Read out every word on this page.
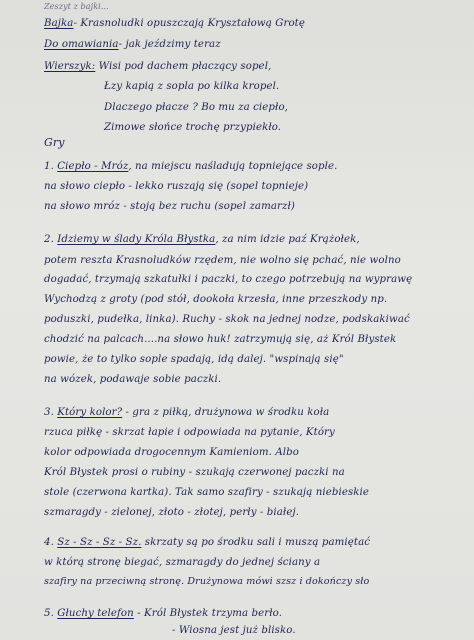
Zeszyt z bajki...
Bajka- Krasnoludki opuszczają Kryształową Grotę
Do omawiania- jak jeździmy teraz
Wierszyk: Wisi pod dachem płaczący sopel,
Łzy kapią z sopla po kilka kropel.
Dlaczego płacze ? Bo mu za ciepło,
Zimowe słońce trochę przypiekło.
Gry
1. Ciepło - Mróz, na miejscu naśladują topniejące sople.
na słowo ciepło - lekko ruszają się (sopel topnieje)
na słowo mróz - stoją bez ruchu (sopel zamarzł)
2. Idziemy w ślady Króla Błystka, za nim idzie paź Krążołek,
potem reszta Krasnoludków rzędem, nie wolno się pchać, nie wolno
dogadać, trzymają szkatułki i paczki, to czego potrzebują na wyprawę
Wychodzą z groty (pod stół, dookoła krzesła, inne przeszkody np.
poduszki, pudełka, linka). Ruchy - skok na jednej nodze, podskakiwać
chodzić na palcach....na słowo huk! zatrzymują się, aż Król Błystek
powie, że to tylko sople spadają, idą dalej. "wspinają się"
na wózek, podawaje sobie paczki.
3. Który kolor? - gra z piłką, drużynowa w środku koła
rzuca piłkę - skrzat łapie i odpowiada na pytanie, Który
kolor odpowiada drogocennym Kamieniom. Albo
Król Błystek prosi o rubiny - szukają czerwonej paczki na
stole (czerwona kartka). Tak samo szafiry - szukają niebieskie
szmaragdy - zielonej, złoto - złotej, perły - białej.
4. Sz - Sz - Sz - Sz. skrzaty są po środku sali i muszą pamiętać
w którą stronę biegać, szmaragdy do jednej ściany a
szafiry na przeciwną stronę. Drużynowa mówi szsz i dokończy sło
5. Głuchy telefon - Król Błystek trzyma berło.
- Wiosna jest już blisko.
